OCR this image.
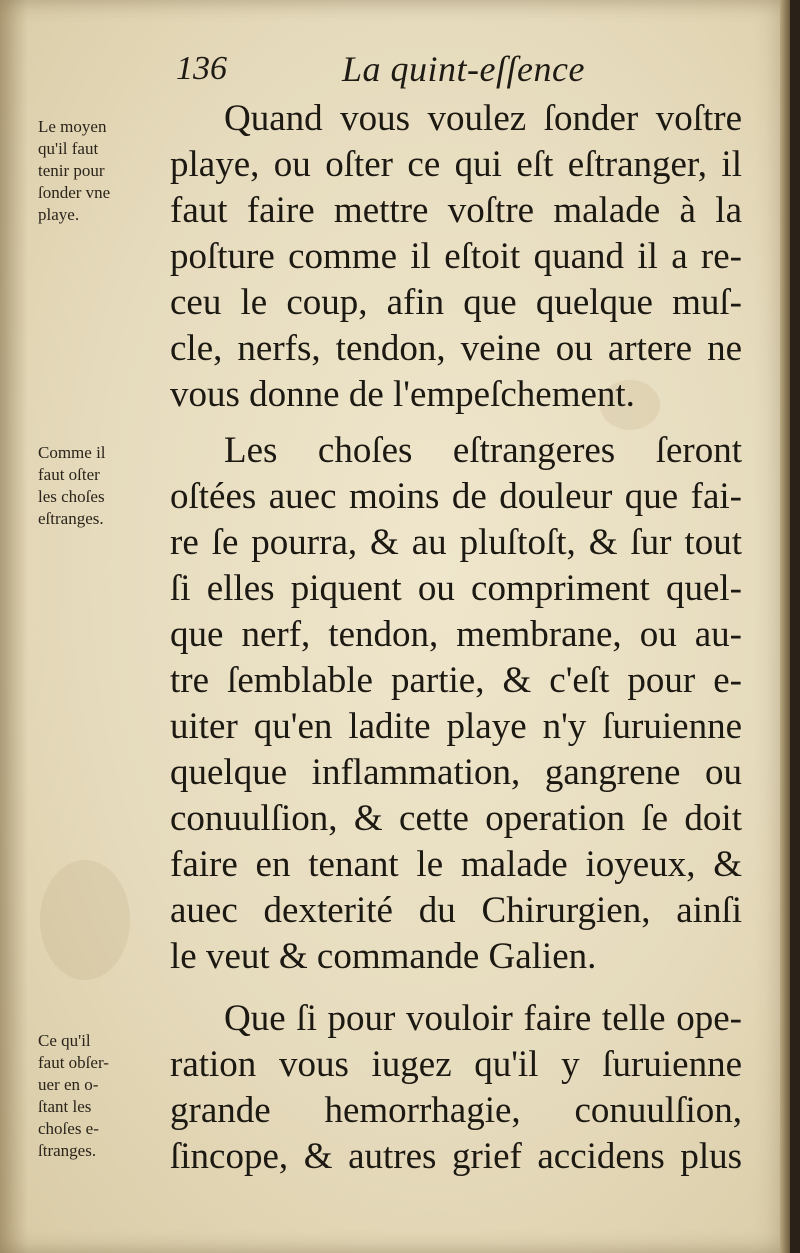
136	La quint-eſſence

Quand vous voulez ſonder voſtre

playe, ou oſter ce qui eſt eſtranger, il

faut faire mettre voſtre malade à la

poſture comme il eſtoit quand il a re-

ceu le coup, afin que quelque muſ-

cle, nerfs, tendon, veine ou artere ne

vous donne de l'empeſchement.

Les choſes eſtrangeres ſeront

oſtées auec moins de douleur que fai-

re ſe pourra, & au pluſtoſt, & ſur tout

ſi elles piquent ou compriment quel-

que nerf, tendon, membrane, ou au-

tre ſemblable partie, & c'eſt pour e-

uiter qu'en ladite playe n'y ſuruienne

quelque inflammation, gangrene ou

conuulſion, & cette operation ſe doit

faire en tenant le malade ioyeux, &

auec dexterité du Chirurgien, ainſi

le veut & commande Galien.

Que ſi pour vouloir faire telle ope-

ration vous iugez qu'il y ſuruienne

grande hemorrhagie, conuulſion,

ſincope, & autres grief accidens plus

Le moyen

qu'il faut

tenir pour

ſonder vne

playe.

Comme il

faut oſter

les choſes

eſtranges.

Ce qu'il

faut obſer-

uer en o-

ſtant les

choſes e-

ſtranges.
